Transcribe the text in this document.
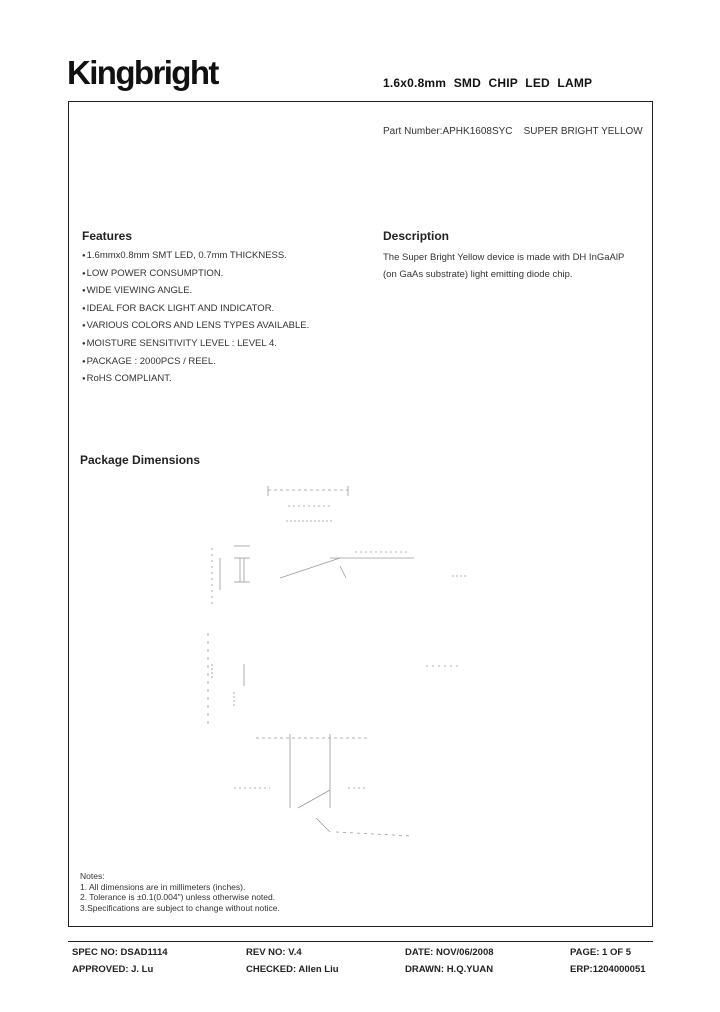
Kingbright	1.6x0.8mm SMD CHIP LED LAMP
Part Number:APHK1608SYC SUPER BRIGHT YELLOW
Features
● 1.6mmx0.8mm SMT LED, 0.7mm THICKNESS.
● LOW POWER CONSUMPTION.
● WIDE VIEWING ANGLE.
● IDEAL FOR BACK LIGHT AND INDICATOR.
● VARIOUS COLORS AND LENS TYPES AVAILABLE.
● MOISTURE SENSITIVITY LEVEL : LEVEL 4.
● PACKAGE : 2000PCS / REEL.
● RoHS COMPLIANT.
Description
The Super Bright Yellow device is made with DH InGaAlP
(on GaAs substrate) light emitting diode chip.
Package Dimensions
Notes:
1. All dimensions are in millimeters (inches).
2. Tolerance is ±0.1(0.004") unless otherwise noted.
3.Specifications are subject to change without notice.
SPEC NO: DSAD1114	REV NO: V.4	DATE: NOV/06/2008	PAGE: 1 OF 5
APPROVED: J. Lu	CHECKED: Allen Liu	DRAWN: H.Q.YUAN	ERP:1204000051
